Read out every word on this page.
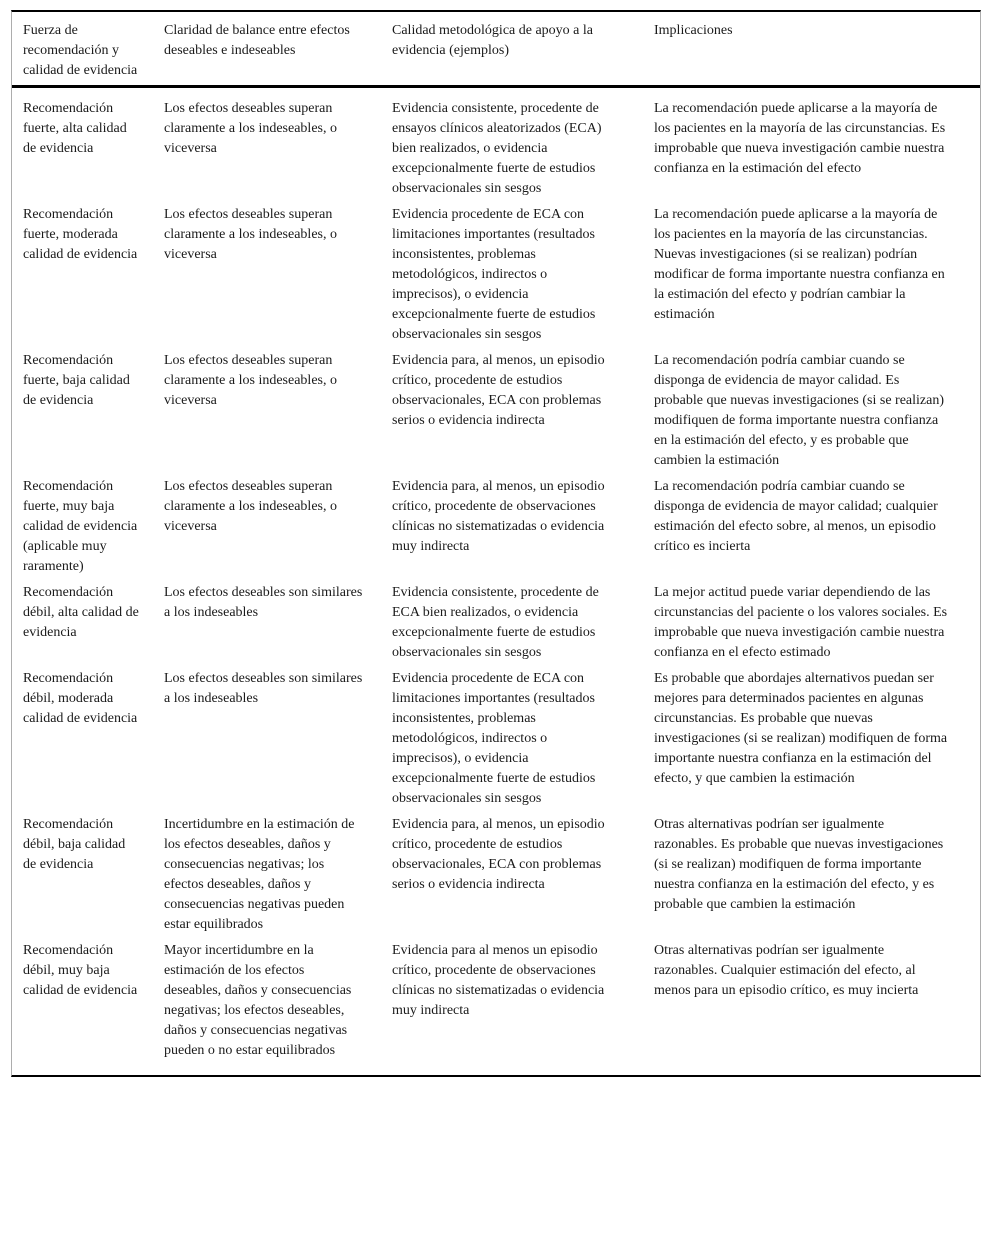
Fuerza de recomendación y calidad de evidencia	Claridad de balance entre efectos deseables e indeseables	Calidad metodológica de apoyo a la evidencia (ejemplos)	Implicaciones
Recomendación fuerte, alta calidad de evidencia	Los efectos deseables superan claramente a los indeseables, o viceversa	Evidencia consistente, procedente de ensayos clínicos aleatorizados (ECA) bien realizados, o evidencia excepcionalmente fuerte de estudios observacionales sin sesgos	La recomendación puede aplicarse a la mayoría de los pacientes en la mayoría de las circunstancias. Es improbable que nueva investigación cambie nuestra confianza en la estimación del efecto
Recomendación fuerte, moderada calidad de evidencia	Los efectos deseables superan claramente a los indeseables, o viceversa	Evidencia procedente de ECA con limitaciones importantes (resultados inconsistentes, problemas metodológicos, indirectos o imprecisos), o evidencia excepcionalmente fuerte de estudios observacionales sin sesgos	La recomendación puede aplicarse a la mayoría de los pacientes en la mayoría de las circunstancias. Nuevas investigaciones (si se realizan) podrían modificar de forma importante nuestra confianza en la estimación del efecto y podrían cambiar la estimación
Recomendación fuerte, baja calidad de evidencia	Los efectos deseables superan claramente a los indeseables, o viceversa	Evidencia para, al menos, un episodio crítico, procedente de estudios observacionales, ECA con problemas serios o evidencia indirecta	La recomendación podría cambiar cuando se disponga de evidencia de mayor calidad. Es probable que nuevas investigaciones (si se realizan) modifiquen de forma importante nuestra confianza en la estimación del efecto, y es probable que cambien la estimación
Recomendación fuerte, muy baja calidad de evidencia (aplicable muy raramente)	Los efectos deseables superan claramente a los indeseables, o viceversa	Evidencia para, al menos, un episodio crítico, procedente de observaciones clínicas no sistematizadas o evidencia muy indirecta	La recomendación podría cambiar cuando se disponga de evidencia de mayor calidad; cualquier estimación del efecto sobre, al menos, un episodio crítico es incierta
Recomendación débil, alta calidad de evidencia	Los efectos deseables son similares a los indeseables	Evidencia consistente, procedente de ECA bien realizados, o evidencia excepcionalmente fuerte de estudios observacionales sin sesgos	La mejor actitud puede variar dependiendo de las circunstancias del paciente o los valores sociales. Es improbable que nueva investigación cambie nuestra confianza en el efecto estimado
Recomendación débil, moderada calidad de evidencia	Los efectos deseables son similares a los indeseables	Evidencia procedente de ECA con limitaciones importantes (resultados inconsistentes, problemas metodológicos, indirectos o imprecisos), o evidencia excepcionalmente fuerte de estudios observacionales sin sesgos	Es probable que abordajes alternativos puedan ser mejores para determinados pacientes en algunas circunstancias. Es probable que nuevas investigaciones (si se realizan) modifiquen de forma importante nuestra confianza en la estimación del efecto, y que cambien la estimación
Recomendación débil, baja calidad de evidencia	Incertidumbre en la estimación de los efectos deseables, daños y consecuencias negativas; los efectos deseables, daños y consecuencias negativas pueden estar equilibrados	Evidencia para, al menos, un episodio crítico, procedente de estudios observacionales, ECA con problemas serios o evidencia indirecta	Otras alternativas podrían ser igualmente razonables. Es probable que nuevas investigaciones (si se realizan) modifiquen de forma importante nuestra confianza en la estimación del efecto, y es probable que cambien la estimación
Recomendación débil, muy baja calidad de evidencia	Mayor incertidumbre en la estimación de los efectos deseables, daños y consecuencias negativas; los efectos deseables, daños y consecuencias negativas pueden o no estar equilibrados	Evidencia para al menos un episodio crítico, procedente de observaciones clínicas no sistematizadas o evidencia muy indirecta	Otras alternativas podrían ser igualmente razonables. Cualquier estimación del efecto, al menos para un episodio crítico, es muy incierta
